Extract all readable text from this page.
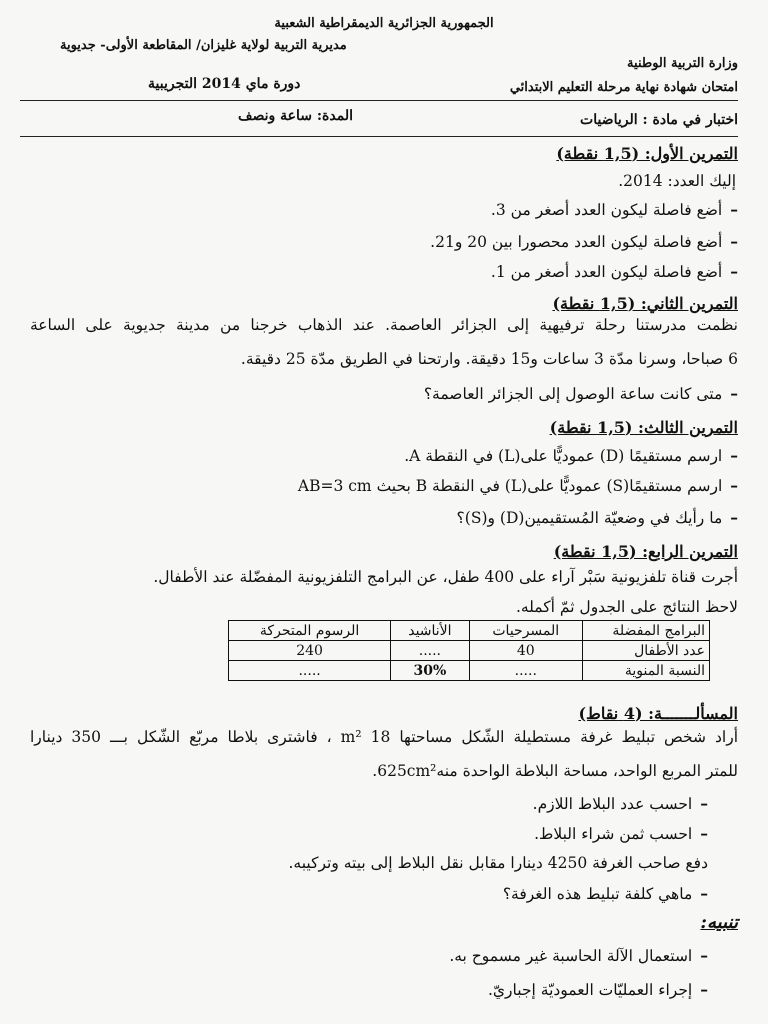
الجمهورية الجزائرية الديمقراطية الشعبية
مديرية التربية لولاية غليزان/ المقاطعة الأولى- جديوية
وزارة التربية الوطنية
دورة ماي 2014 التجريبية	امتحان شهادة نهاية مرحلة التعليم الابتدائي
المدة: ساعة ونصف	اختبار في مادة : الرياضيات
التمرين الأول: (1,5 نقطة)
إليك العدد: 2014.
–
أضع فاصلة ليكون العدد أصغر من 3.
–
أضع فاصلة ليكون العدد محصورا بين 20 و21.
–
أضع فاصلة ليكون العدد أصغر من 1.
التمرين الثاني: (1,5 نقطة)
نظمت مدرستنا رحلة ترفيهية إلى الجزائر العاصمة. عند الذهاب خرجنا من مدينة جديوية على الساعة
6 صباحا، وسرنا مدّة 3 ساعات و15 دقيقة. وارتحنا في الطريق مدّة 25 دقيقة.
–
متى كانت ساعة الوصول إلى الجزائر العاصمة؟
التمرين الثالث: (1,5 نقطة)
–
ارسم مستقيمًا (D) عموديًّا على(L) في النقطة A.
–
ارسم مستقيمًا(S) عموديًّا على(L) في النقطة B بحيث AB=3 cm
–
ما رأيك في وضعيّة المُستقيمين(D) و(S)؟
التمرين الرابع: (1,5 نقطة)
أجرت قناة تلفزيونية سَبْر آراء على 400 طفل، عن البرامج التلفزيونية المفضّلة عند الأطفال.
لاحظ النتائج على الجدول ثمّ أكمله.
البرامج المفضلة	المسرحيات	الأناشيد	الرسوم المتحركة
عدد الأطفال	40	.....	240
النسبة المنوية	.....	30%	.....
المسألـــــــة: (4 نقاط)
أراد شخص تبليط غرفة مستطيلة الشّكل مساحتها 18 m² ، فاشترى بلاطا مربّع الشّكل بـــ 350 دينارا
للمتر المربع الواحد، مساحة البلاطة الواحدة منه625cm².
–
احسب عدد البلاط اللازم.
–
احسب ثمن شراء البلاط.
دفع صاحب الغرفة 4250 دينارا مقابل نقل البلاط إلى بيته وتركيبه.
–
ماهي كلفة تبليط هذه الغرفة؟
تنبيه:
–
استعمال الآلة الحاسبة غير مسموح به.
–
إجراء العمليّات العموديّة إجباريّ.
